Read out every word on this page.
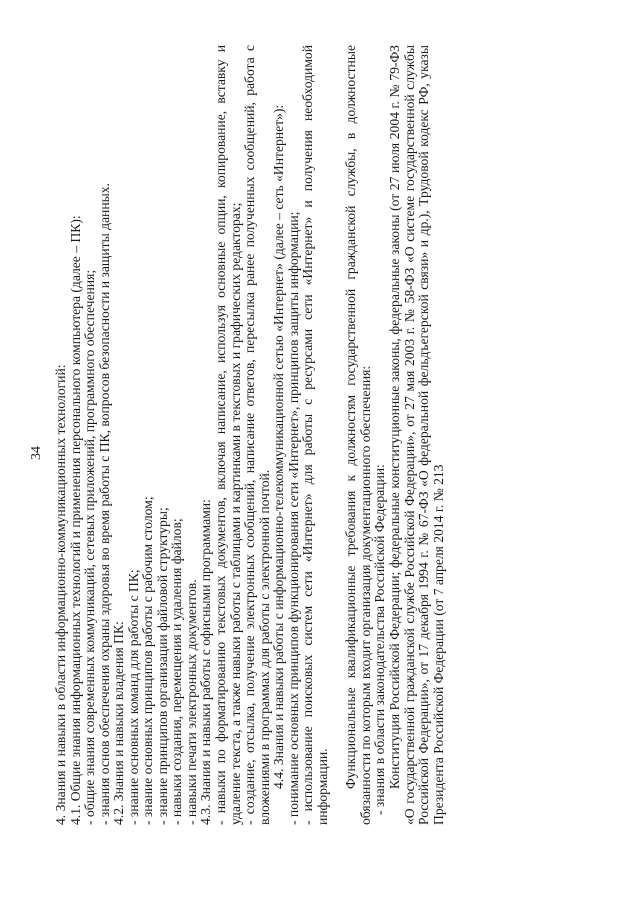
34 4. Знания и навыки в области информационно-коммуникационных технологий: 4.1. Общие знания информационных технологий и применения персонального компьютера (далее – ПК): - общие знания современных коммуникаций, сетевых приложений, программного обеспечения; - знания основ обеспечения охраны здоровья во время работы с ПК, вопросов безопасности и защиты данных. 4.2. Знания и навыки владения ПК: - знание основных команд для работы с ПК; - знание основных принципов работы с рабочим столом; - знание принципов организации файловой структуры; - навыки создания, перемещения и удаления файлов; - навыки печати электронных документов. 4.3. Знания и навыки работы с офисными программами: - навыки по форматированию текстовых документов, включая написание, используя основные опции, копирование, вставку и удаление текста, а также навыки работы с таблицами и картинками в текстовых и графических редакторах; - создание, отсылка, получение электронных сообщений, написание ответов, пересылка ранее полученных сообщений, работа с вложениями в программах для работы с электронной почтой. 4.4. Знания и навыки работы с информационно-телекоммуникационной сетью «Интернет» (далее – сеть «Интернет»): - понимание основных принципов функционирования сети «Интернет», принципов защиты информации; - использование поисковых систем сети «Интернет» для работы с ресурсами сети «Интернет» и получения необходимой информации. Функциональные квалификационные требования к должностям государственной гражданской службы, в должностные обязанности по которым входит организация документационного обеспечения: - знания в области законодательства Российской Федерации: Конституция Российской Федерации; федеральные конституционные законы, федеральные законы (от 27 июля 2004 г. № 79-ФЗ «О государственной гражданской службе Российской Федерации», от 27 мая 2003 г. № 58-ФЗ «О системе государственной службы Российской Федерации», от 17 декабря 1994 г. № 67-ФЗ «О федеральной фельдъегерской связи» и др.), Трудовой кодекс РФ, указы Президента Российской Федерации (от 7 апреля 2014 г. № 213
